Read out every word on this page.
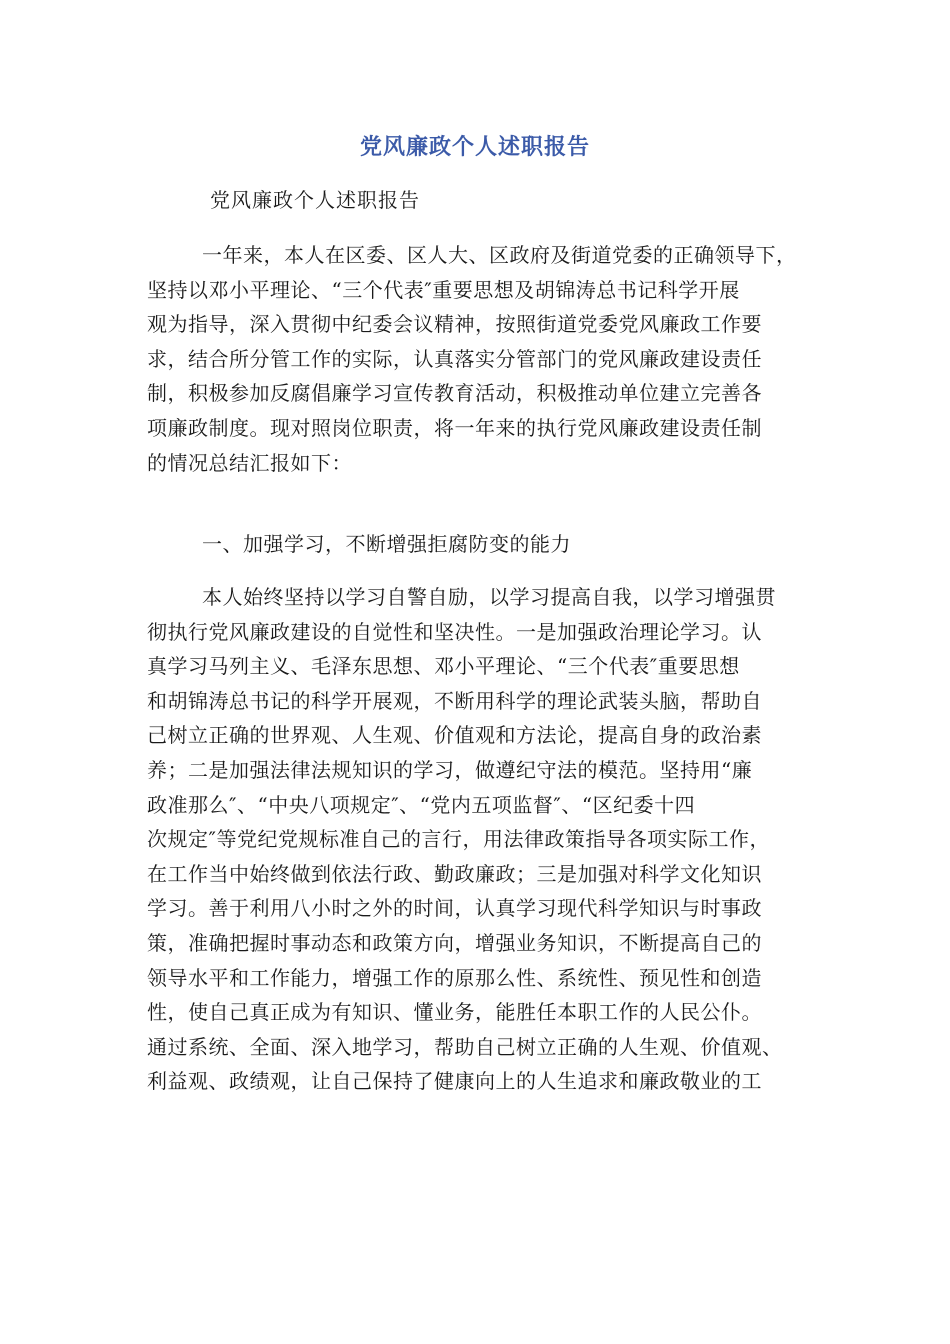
党风廉政个人述职报告
党风廉政个人述职报告
一年来，本人在区委、区人大、区政府及街道党委的正确领导下，
坚持以邓小平理论、“三个代表″重要思想及胡锦涛总书记科学开展
观为指导，深入贯彻中纪委会议精神，按照街道党委党风廉政工作要
求，结合所分管工作的实际，认真落实分管部门的党风廉政建设责任
制，积极参加反腐倡廉学习宣传教育活动，积极推动单位建立完善各
项廉政制度。现对照岗位职责，将一年来的执行党风廉政建设责任制
的情况总结汇报如下：
一、加强学习，不断增强拒腐防变的能力
本人始终坚持以学习自警自励，以学习提高自我，以学习增强贯
彻执行党风廉政建设的自觉性和坚决性。一是加强政治理论学习。认
真学习马列主义、毛泽东思想、邓小平理论、“三个代表″重要思想
和胡锦涛总书记的科学开展观，不断用科学的理论武装头脑，帮助自
己树立正确的世界观、人生观、价值观和方法论，提高自身的政治素
养；二是加强法律法规知识的学习，做遵纪守法的模范。坚持用“廉
政准那么″、“中央八项规定″、“党内五项监督″、“区纪委十四
次规定″等党纪党规标准自己的言行，用法律政策指导各项实际工作，
在工作当中始终做到依法行政、勤政廉政；三是加强对科学文化知识
学习。善于利用八小时之外的时间，认真学习现代科学知识与时事政
策，准确把握时事动态和政策方向，增强业务知识，不断提高自己的
领导水平和工作能力，增强工作的原那么性、系统性、预见性和创造
性，使自己真正成为有知识、懂业务，能胜任本职工作的人民公仆。
通过系统、全面、深入地学习，帮助自己树立正确的人生观、价值观、
利益观、政绩观，让自己保持了健康向上的人生追求和廉政敬业的工
